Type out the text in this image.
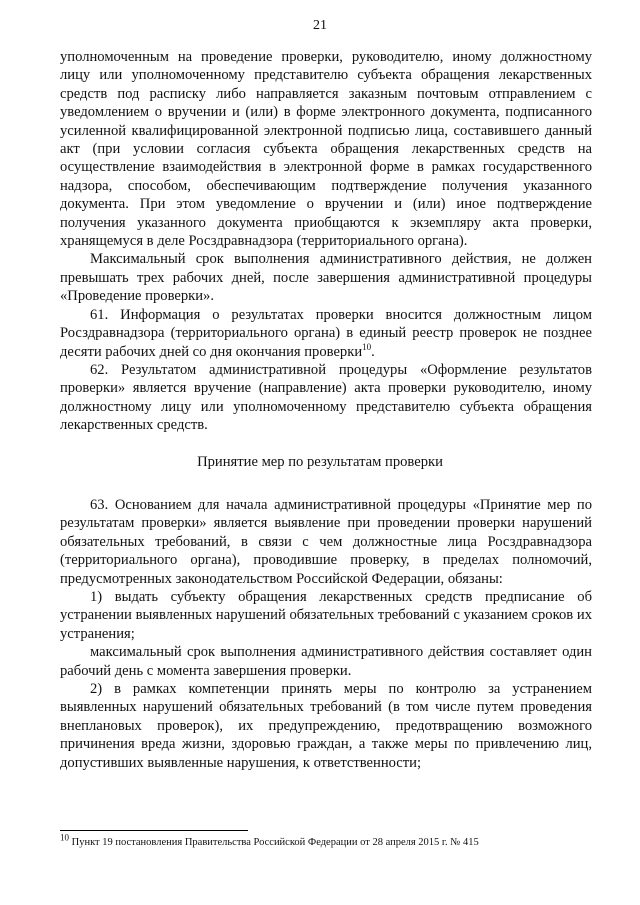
21

уполномоченным на проведение проверки, руководителю, иному должностному лицу или уполномоченному представителю субъекта обращения лекарственных средств под расписку либо направляется заказным почтовым отправлением с уведомлением о вручении и (или) в форме электронного документа, подписанного усиленной квалифицированной электронной подписью лица, составившего данный акт (при условии согласия субъекта обращения лекарственных средств на осуществление взаимодействия в электронной форме в рамках государственного надзора, способом, обеспечивающим подтверждение получения указанного документа. При этом уведомление о вручении и (или) иное подтверждение получения указанного документа приобщаются к экземпляру акта проверки, хранящемуся в деле Росздравнадзора (территориального органа).

Максимальный срок выполнения административного действия, не должен превышать трех рабочих дней, после завершения административной процедуры «Проведение проверки».

61. Информация о результатах проверки вносится должностным лицом Росздравнадзора (территориального органа) в единый реестр проверок не позднее десяти рабочих дней со дня окончания проверки$^{10}$.

62. Результатом административной процедуры «Оформление результатов проверки» является вручение (направление) акта проверки руководителю, иному должностному лицу или уполномоченному представителю субъекта обращения лекарственных средств.

Принятие мер по результатам проверки

63. Основанием для начала административной процедуры «Принятие мер по результатам проверки» является выявление при проведении проверки нарушений обязательных требований, в связи с чем должностные лица Росздравнадзора (территориального органа), проводившие проверку, в пределах полномочий, предусмотренных законодательством Российской Федерации, обязаны:

1) выдать субъекту обращения лекарственных средств предписание об устранении выявленных нарушений обязательных требований с указанием сроков их устранения;

максимальный срок выполнения административного действия составляет один рабочий день с момента завершения проверки.

2) в рамках компетенции принять меры по контролю за устранением выявленных нарушений обязательных требований (в том числе путем проведения внеплановых проверок), их предупреждению, предотвращению возможного причинения вреда жизни, здоровью граждан, а также меры по привлечению лиц, допустивших выявленные нарушения, к ответственности;

$^{10}$ Пункт 19 постановления Правительства Российской Федерации от 28 апреля 2015 г. № 415
